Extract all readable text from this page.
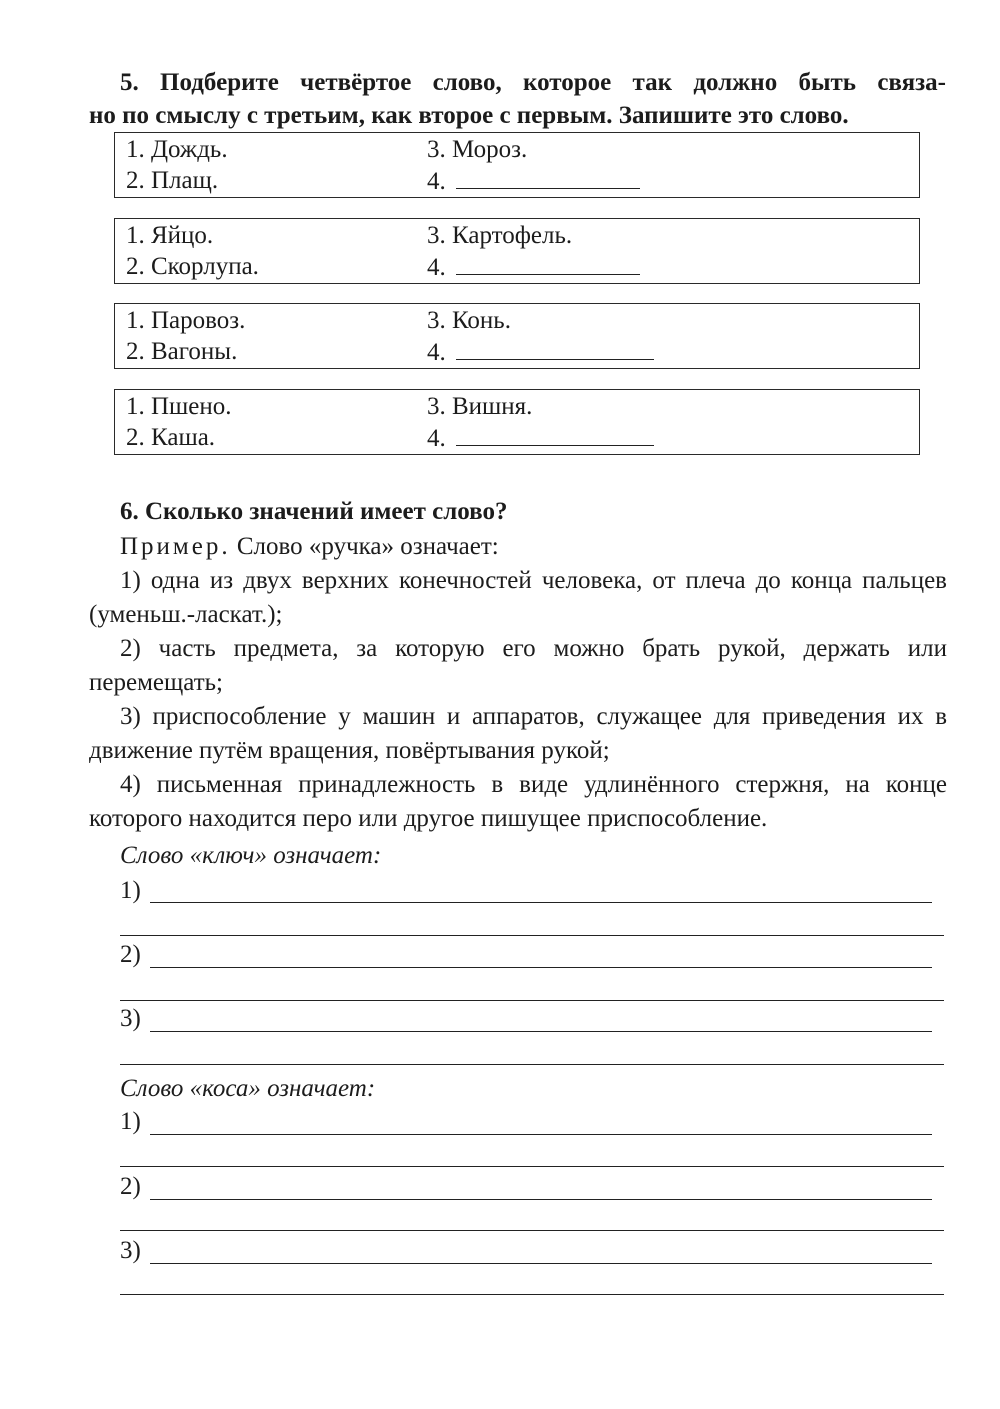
5. Подберите четвёртое слово, которое так должно быть связа-
но по смыслу с третьим, как второе с первым. Запишите это слово.
1. Дождь.
2. Плащ.
3. Мороз.
4.
1. Яйцо.
2. Скорлупа.
3. Картофель.
4.
1. Паровоз.
2. Вагоны.
3. Конь.
4.
1. Пшено.
2. Каша.
3. Вишня.
4.
6. Сколько значений имеет слово?
Пример. Слово «ручка» означает:
1) одна из двух верхних конечностей человека, от плеча до конца пальцев (уменьш.-ласкат.);
2) часть предмета, за которую его можно брать рукой, держать или перемещать;
3) приспособление у машин и аппаратов, служащее для приведения их в движение путём вращения, повёртывания рукой;
4) письменная принадлежность в виде удлинённого стержня, на конце которого находится перо или другое пишущее приспособление.
Слово «ключ» означает:
1)
2)
3)
Слово «коса» означает:
1)
2)
3)
